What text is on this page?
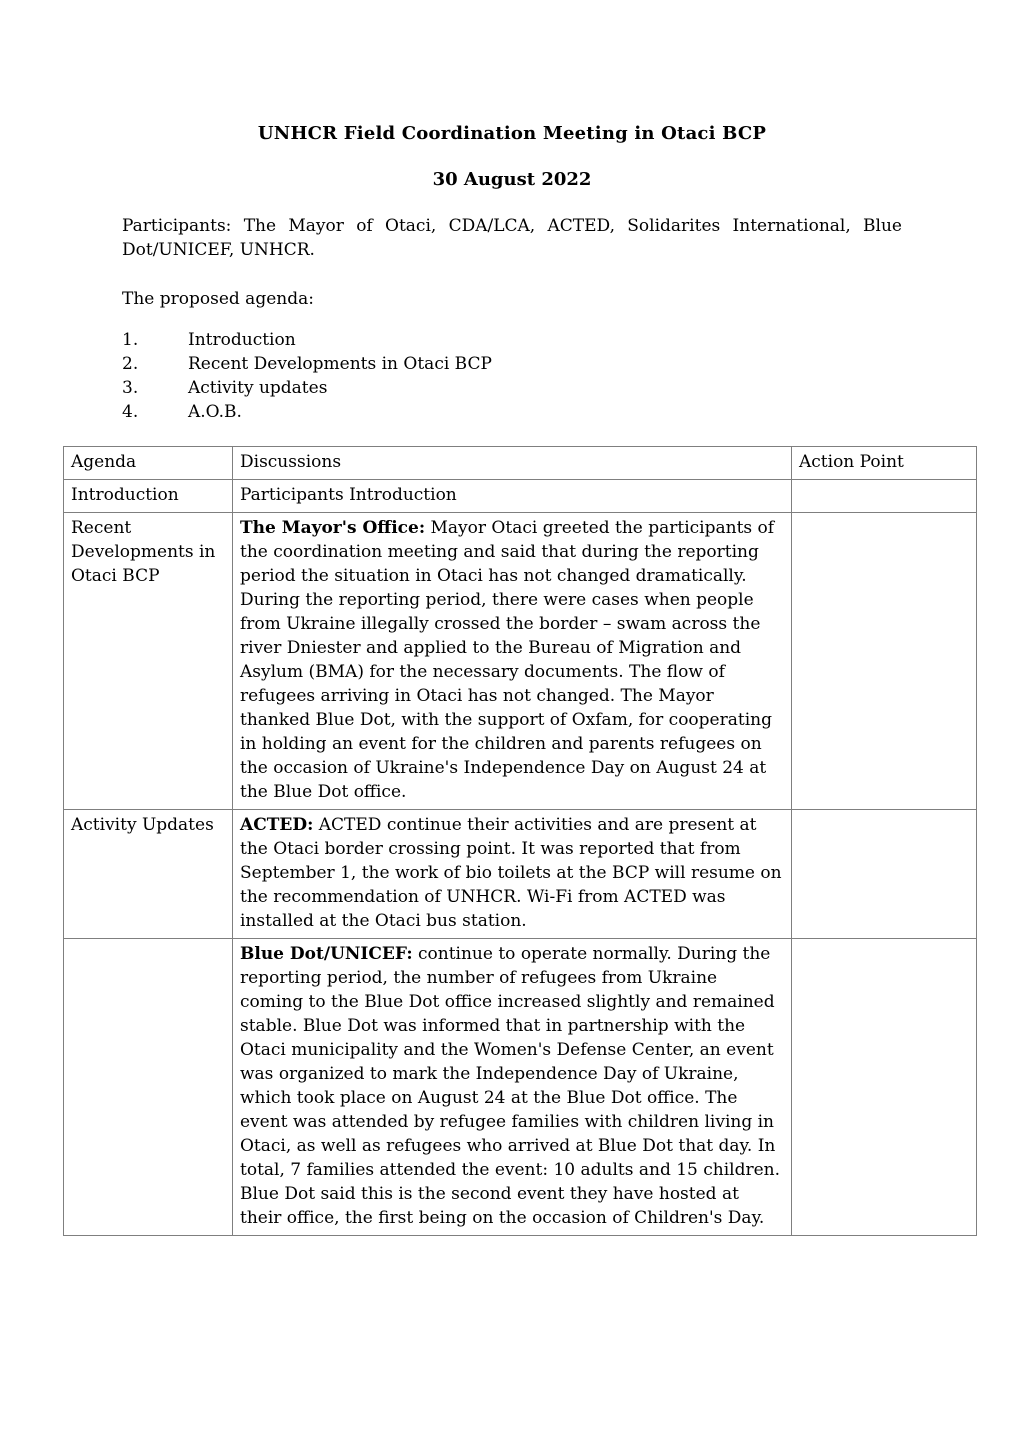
UNHCR Field Coordination Meeting in Otaci BCP
30 August 2022

Participants: The Mayor of Otaci, CDA/LCA, ACTED, Solidarites International, Blue Dot/UNICEF, UNHCR.

The proposed agenda:

1.	Introduction
2.	Recent Developments in Otaci BCP
3.	Activity updates
4.	A.O.B.
Agenda	Discussions	Action Point
Introduction	Participants Introduction	
Recent Developments in Otaci BCP	The Mayor's Office: Mayor Otaci greeted the participants of the coordination meeting and said that during the reporting period the situation in Otaci has not changed dramatically. During the reporting period, there were cases when people from Ukraine illegally crossed the border – swam across the river Dniester and applied to the Bureau of Migration and Asylum (BMA) for the necessary documents. The flow of refugees arriving in Otaci has not changed. The Mayor thanked Blue Dot, with the support of Oxfam, for cooperating in holding an event for the children and parents refugees on the occasion of Ukraine's Independence Day on August 24 at the Blue Dot office.	
Activity Updates	ACTED: ACTED continue their activities and are present at the Otaci border crossing point. It was reported that from September 1, the work of bio toilets at the BCP will resume on the recommendation of UNHCR. Wi-Fi from ACTED was installed at the Otaci bus station.	
	Blue Dot/UNICEF: continue to operate normally. During the reporting period, the number of refugees from Ukraine coming to the Blue Dot office increased slightly and remained stable. Blue Dot was informed that in partnership with the Otaci municipality and the Women's Defense Center, an event was organized to mark the Independence Day of Ukraine, which took place on August 24 at the Blue Dot office. The event was attended by refugee families with children living in Otaci, as well as refugees who arrived at Blue Dot that day. In total, 7 families attended the event: 10 adults and 15 children. Blue Dot said this is the second event they have hosted at their office, the first being on the occasion of Children's Day.	
